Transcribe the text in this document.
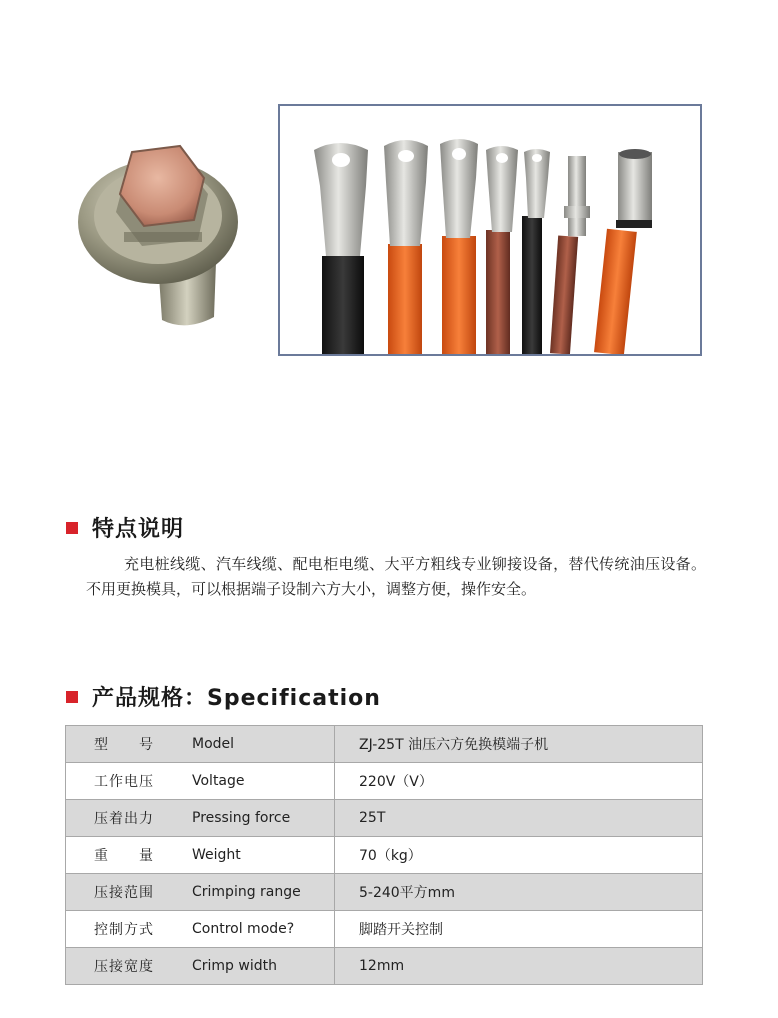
特点说明
充电桩线缆、汽车线缆、配电柜电缆、大平方粗线专业铆接设备，替代传统油压设备。不用更换模具，可以根据端子设制六方大小，调整方便，操作安全。
产品规格：Specification
型　　号 Model	ZJ-25T 油压六方免换模端子机

工作电压 Voltage	220V（V）

压着出力 Pressing force	25T

重　　量 Weight	70（kg）

压接范围 Crimping range	5-240平方mm

控制方式 Control mode?	脚踏开关控制

压接宽度 Crimp width	12mm
